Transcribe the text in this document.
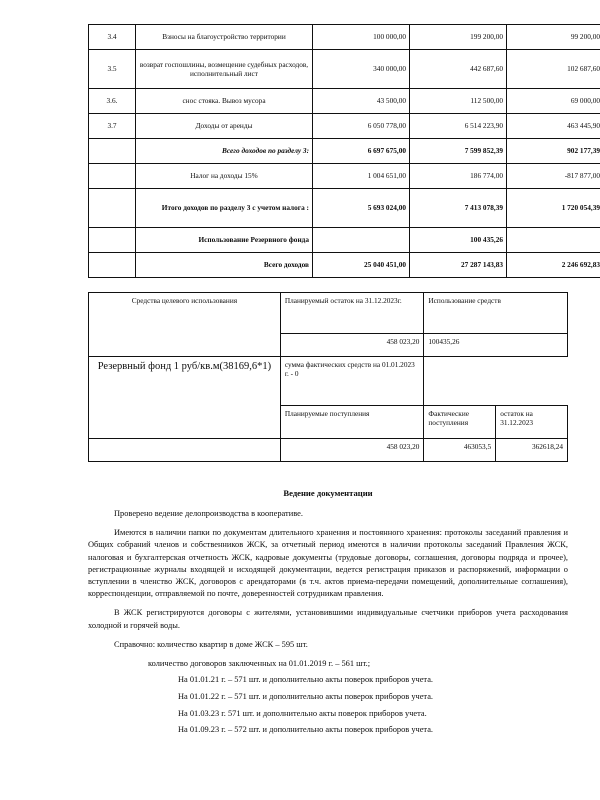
3.4	Взносы на благоустройство территории	100 000,00	199 200,00	99 200,00
3.5	возврат госпошлины, возмещение судебных расходов, исполнительный лист	340 000,00	442 687,60	102 687,60
3.6.	снос стояка. Вывоз мусора	43 500,00	112 500,00	69 000,00
3.7	Доходы от аренды	6 050 778,00	6 514 223,90	463 445,90
	Всего доходов по разделу 3:	6 697 675,00	7 599 852,39	902 177,39
	Налог на доходы 15%	1 004 651,00	186 774,00	-817 877,00
	Итого доходов по разделу 3 с учетом налога :	5 693 024,00	7 413 078,39	1 720 054,39
	Использование Резервного фонда		100 435,26	
	Всего доходов	25 040 451,00	27 287 143,83	2 246 692,83
Средства целевого использования	Планируемый остаток на 31.12.2023г.	Использование средств	
	458 023,20	100435,26	
Резервный фонд 1 руб/кв.м(38169,6*1)	сумма фактических средств на 01.01.2023 г. - 0		
	Планируемые поступления	Фактические поступления	остаток на 31.12.2023
	458 023,20	463053,5	362618,24
Ведение документации

Проверено ведение делопроизводства в кооперативе.

Имеются в наличии папки по документам длительного хранения и постоянного хранения: протоколы заседаний правления и Общих собраний членов и собственников ЖСК, за отчетный период имеются в наличии протоколы заседаний Правления ЖСК, налоговая и бухгалтерская отчетность ЖСК, кадровые документы (трудовые договоры, соглашения, договоры подряда и прочее), регистрационные журналы входящей и исходящей документации, ведется регистрация приказов и распоряжений, информации о вступлении в членство ЖСК, договоров с арендаторами (в т.ч. актов приема-передачи помещений, дополнительные соглашения), корреспонденции, отправляемой по почте, доверенностей сотрудникам правления.

В ЖСК регистрируются договоры с жителями, установившими индивидуальные счетчики приборов учета расходования холодной и горячей воды.

Справочно: количество квартир в доме ЖСК – 595 шт.

количество договоров заключенных на 01.01.2019 г. – 561 шт.;

На 01.01.21 г. – 571 шт. и дополнительно акты поверок приборов учета.

На 01.01.22 г. – 571 шт. и дополнительно акты поверок приборов учета.

На 01.03.23 г. 571 шт. и дополнительно акты поверок приборов учета.

На 01.09.23 г. – 572 шт. и дополнительно акты поверок приборов учета.
